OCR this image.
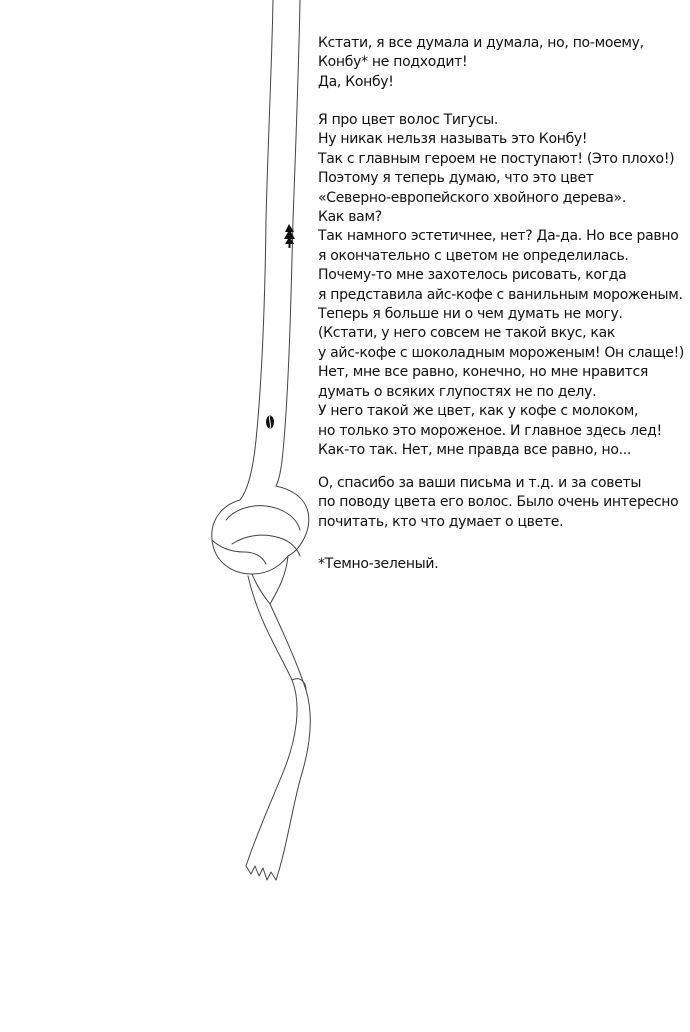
Кстати, я все думала и думала, но, по-моему,
Конбу* не подходит!
Да, Конбу!
Я про цвет волос Тигусы.
Ну никак нельзя называть это Конбу!
Так с главным героем не поступают! (Это плохо!)
Поэтому я теперь думаю, что это цвет
«Северно-европейского хвойного дерева».
Как вам?
Так намного эстетичнее, нет? Да-да. Но все равно
я окончательно с цветом не определилась.
Почему-то мне захотелось рисовать, когда
я представила айс-кофе с ванильным мороженым.
Теперь я больше ни о чем думать не могу.
(Кстати, у него совсем не такой вкус, как
у айс-кофе с шоколадным мороженым! Он слаще!)
Нет, мне все равно, конечно, но мне нравится
думать о всяких глупостях не по делу.
У него такой же цвет, как у кофе с молоком,
но только это мороженое. И главное здесь лед!
Как-то так. Нет, мне правда все равно, но...
О, спасибо за ваши письма и т.д. и за советы
по поводу цвета его волос. Было очень интересно
почитать, кто что думает о цвете.
*Темно-зеленый.
